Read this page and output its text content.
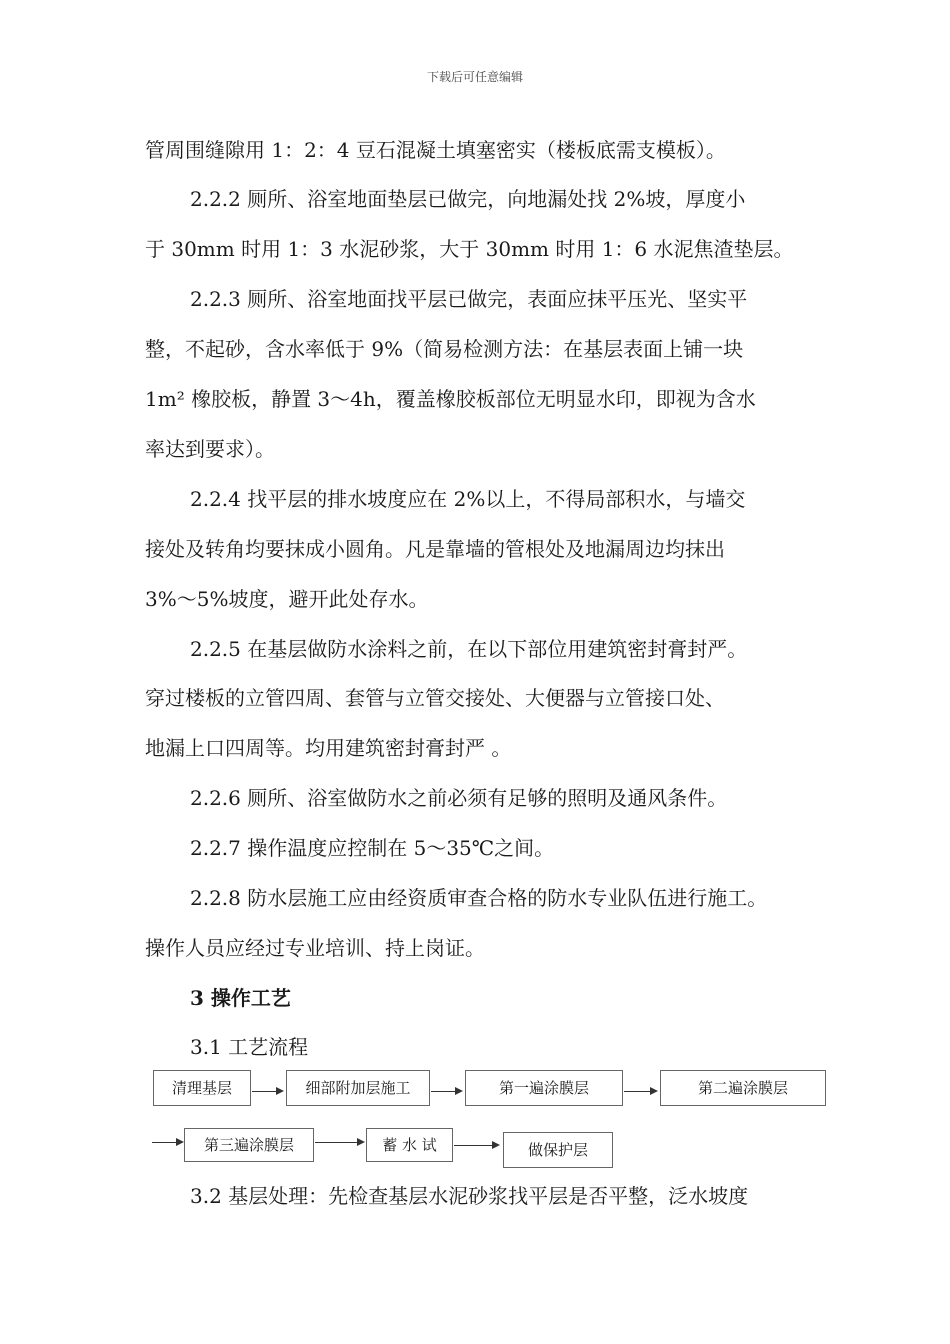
下载后可任意编辑
管周围缝隙用 1：2：4 豆石混凝土填塞密实（楼板底需支模板）。
2.2.2 厕所、浴室地面垫层已做完，向地漏处找 2%坡，厚度小
于 30mm 时用 1：3 水泥砂浆，大于 30mm 时用 1：6 水泥焦渣垫层。
2.2.3 厕所、浴室地面找平层已做完，表面应抹平压光、坚实平
整，不起砂，含水率低于 9%（简易检测方法：在基层表面上铺一块
1m² 橡胶板，静置 3～4h，覆盖橡胶板部位无明显水印，即视为含水
率达到要求）。
2.2.4 找平层的排水坡度应在 2%以上，不得局部积水，与墙交
接处及转角均要抹成小圆角。凡是靠墙的管根处及地漏周边均抹出
3%～5%坡度，避开此处存水。
2.2.5 在基层做防水涂料之前，在以下部位用建筑密封膏封严。
穿过楼板的立管四周、套管与立管交接处、大便器与立管接口处、
地漏上口四周等。均用建筑密封膏封严 。
2.2.6 厕所、浴室做防水之前必须有足够的照明及通风条件。
2.2.7 操作温度应控制在 5～35℃之间。
2.2.8 防水层施工应由经资质审查合格的防水专业队伍进行施工。
操作人员应经过专业培训、持上岗证。
3 操作工艺
3.1 工艺流程
清理基层	细部附加层施工	第一遍涂膜层	第二遍涂膜层
第三遍涂膜层	蓄 水 试	做保护层
3.2 基层处理：先检查基层水泥砂浆找平层是否平整，泛水坡度
